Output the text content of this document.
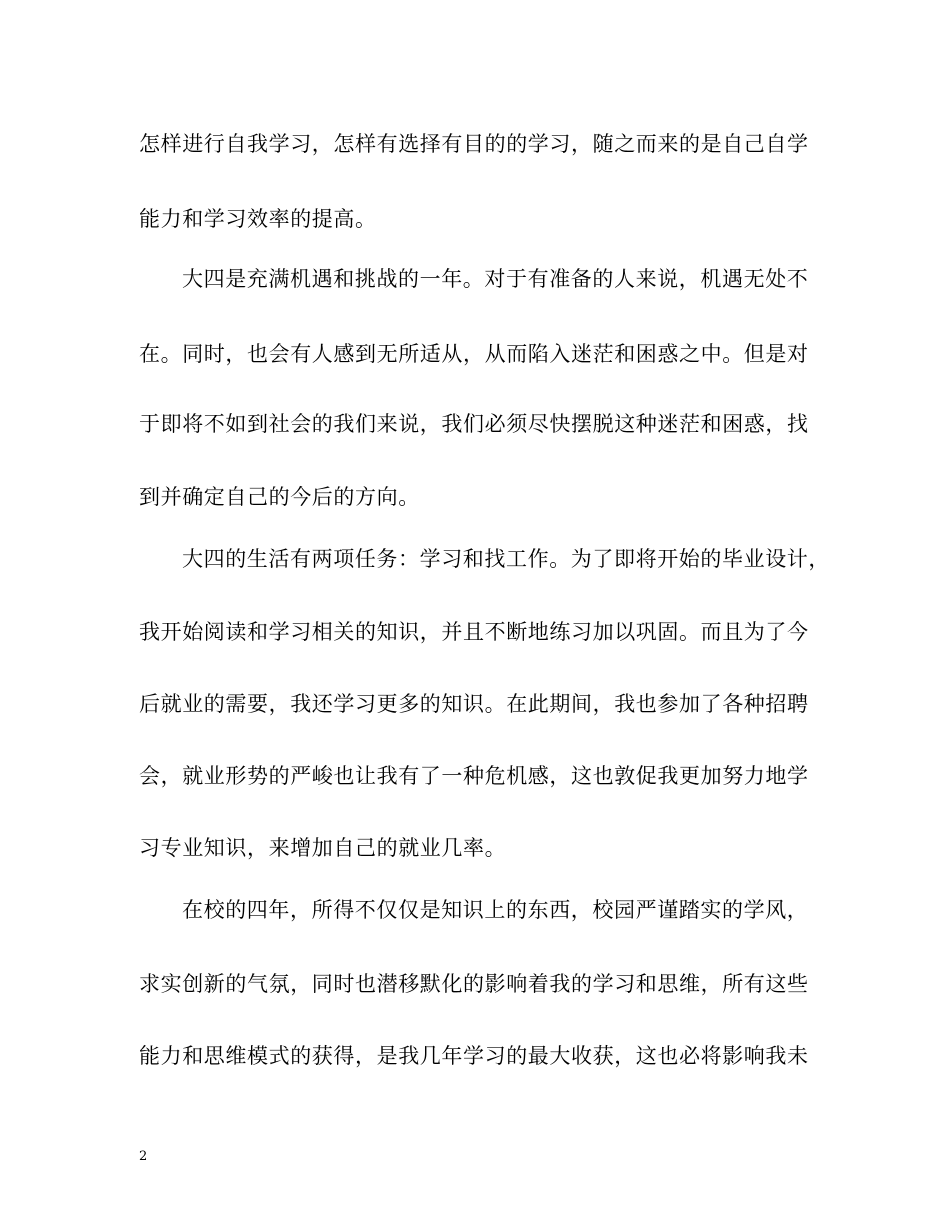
怎样进行自我学习，怎样有选择有目的的学习，随之而来的是自己自学
能力和学习效率的提高。
大四是充满机遇和挑战的一年。对于有准备的人来说，机遇无处不
在。同时，也会有人感到无所适从，从而陷入迷茫和困惑之中。但是对
于即将不如到社会的我们来说，我们必须尽快摆脱这种迷茫和困惑，找
到并确定自己的今后的方向。
大四的生活有两项任务：学习和找工作。为了即将开始的毕业设计，
我开始阅读和学习相关的知识，并且不断地练习加以巩固。而且为了今
后就业的需要，我还学习更多的知识。在此期间，我也参加了各种招聘
会，就业形势的严峻也让我有了一种危机感，这也敦促我更加努力地学
习专业知识，来增加自己的就业几率。
在校的四年，所得不仅仅是知识上的东西，校园严谨踏实的学风，
求实创新的气氛，同时也潜移默化的影响着我的学习和思维，所有这些
能力和思维模式的获得，是我几年学习的最大收获，这也必将影响我未
2
